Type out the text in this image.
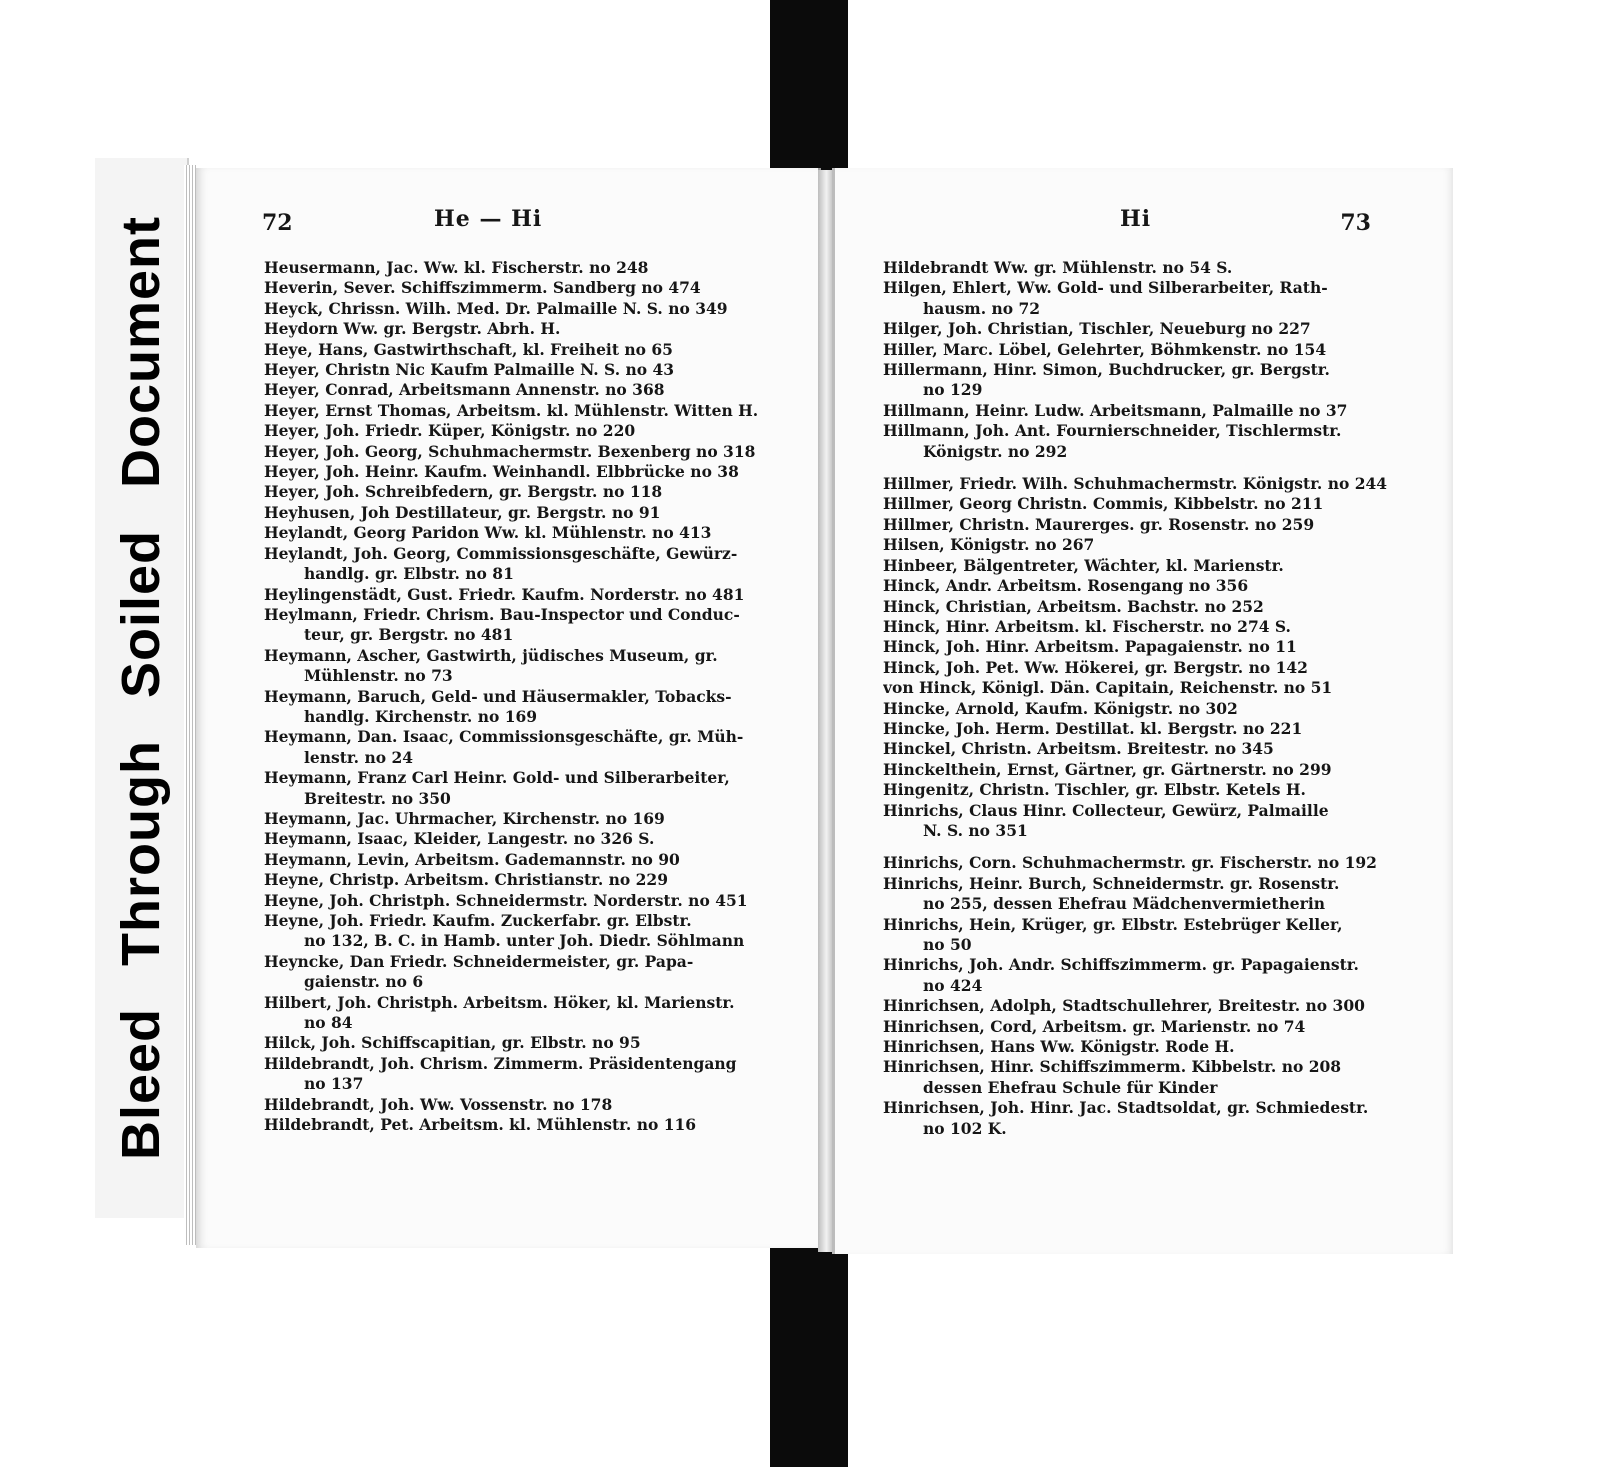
Bleed Through Soiled Document	72	He — Hi
Heusermann, Jac. Ww. kl. Fischerstr. no 248
Heverin, Sever. Schiffszimmerm. Sandberg no 474
Heyck, Chrissn. Wilh. Med. Dr. Palmaille N. S. no 349
Heydorn Ww. gr. Bergstr. Abrh. H.
Heye, Hans, Gastwirthschaft, kl. Freiheit no 65
Heyer, Christn Nic Kaufm Palmaille N. S. no 43
Heyer, Conrad, Arbeitsmann Annenstr. no 368
Heyer, Ernst Thomas, Arbeitsm. kl. Mühlenstr. Witten H.
Heyer, Joh. Friedr. Küper, Königstr. no 220
Heyer, Joh. Georg, Schuhmachermstr. Bexenberg no 318
Heyer, Joh. Heinr. Kaufm. Weinhandl. Elbbrücke no 38
Heyer, Joh. Schreibfedern, gr. Bergstr. no 118
Heyhusen, Joh Destillateur, gr. Bergstr. no 91
Heylandt, Georg Paridon Ww. kl. Mühlenstr. no 413
Heylandt, Joh. Georg, Commissionsgeschäfte, Gewürz-
handlg. gr. Elbstr. no 81
Heylingenstädt, Gust. Friedr. Kaufm. Norderstr. no 481
Heylmann, Friedr. Chrism. Bau-Inspector und Conduc-
teur, gr. Bergstr. no 481
Heymann, Ascher, Gastwirth, jüdisches Museum, gr.
Mühlenstr. no 73
Heymann, Baruch, Geld- und Häusermakler, Tobacks-
handlg. Kirchenstr. no 169
Heymann, Dan. Isaac, Commissionsgeschäfte, gr. Müh-
lenstr. no 24
Heymann, Franz Carl Heinr. Gold- und Silberarbeiter,
Breitestr. no 350
Heymann, Jac. Uhrmacher, Kirchenstr. no 169
Heymann, Isaac, Kleider, Langestr. no 326 S.
Heymann, Levin, Arbeitsm. Gademannstr. no 90
Heyne, Christp. Arbeitsm. Christianstr. no 229
Heyne, Joh. Christph. Schneidermstr. Norderstr. no 451
Heyne, Joh. Friedr. Kaufm. Zuckerfabr. gr. Elbstr.
no 132, B. C. in Hamb. unter Joh. Diedr. Söhlmann
Heyncke, Dan Friedr. Schneidermeister, gr. Papa-
gaienstr. no 6
Hilbert, Joh. Christph. Arbeitsm. Höker, kl. Marienstr.
no 84
Hilck, Joh. Schiffscapitian, gr. Elbstr. no 95
Hildebrandt, Joh. Chrism. Zimmerm. Präsidentengang
no 137
Hildebrandt, Joh. Ww. Vossenstr. no 178
Hildebrandt, Pet. Arbeitsm. kl. Mühlenstr. no 116
Hi	73
Hildebrandt Ww. gr. Mühlenstr. no 54 S.
Hilgen, Ehlert, Ww. Gold- und Silberarbeiter, Rath-
hausm. no 72
Hilger, Joh. Christian, Tischler, Neueburg no 227
Hiller, Marc. Löbel, Gelehrter, Böhmkenstr. no 154
Hillermann, Hinr. Simon, Buchdrucker, gr. Bergstr.
no 129
Hillmann, Heinr. Ludw. Arbeitsmann, Palmaille no 37
Hillmann, Joh. Ant. Fournierschneider, Tischlermstr.
Königstr. no 292
Hillmer, Friedr. Wilh. Schuhmachermstr. Königstr. no 244
Hillmer, Georg Christn. Commis, Kibbelstr. no 211
Hillmer, Christn. Maurerges. gr. Rosenstr. no 259
Hilsen, Königstr. no 267
Hinbeer, Bälgentreter, Wächter, kl. Marienstr.
Hinck, Andr. Arbeitsm. Rosengang no 356
Hinck, Christian, Arbeitsm. Bachstr. no 252
Hinck, Hinr. Arbeitsm. kl. Fischerstr. no 274 S.
Hinck, Joh. Hinr. Arbeitsm. Papagaienstr. no 11
Hinck, Joh. Pet. Ww. Hökerei, gr. Bergstr. no 142
von Hinck, Königl. Dän. Capitain, Reichenstr. no 51
Hincke, Arnold, Kaufm. Königstr. no 302
Hincke, Joh. Herm. Destillat. kl. Bergstr. no 221
Hinckel, Christn. Arbeitsm. Breitestr. no 345
Hinckelthein, Ernst, Gärtner, gr. Gärtnerstr. no 299
Hingenitz, Christn. Tischler, gr. Elbstr. Ketels H.
Hinrichs, Claus Hinr. Collecteur, Gewürz, Palmaille
N. S. no 351
Hinrichs, Corn. Schuhmachermstr. gr. Fischerstr. no 192
Hinrichs, Heinr. Burch, Schneidermstr. gr. Rosenstr.
no 255, dessen Ehefrau Mädchenvermietherin
Hinrichs, Hein, Krüger, gr. Elbstr. Estebrüger Keller,
no 50
Hinrichs, Joh. Andr. Schiffszimmerm. gr. Papagaienstr.
no 424
Hinrichsen, Adolph, Stadtschullehrer, Breitestr. no 300
Hinrichsen, Cord, Arbeitsm. gr. Marienstr. no 74
Hinrichsen, Hans Ww. Königstr. Rode H.
Hinrichsen, Hinr. Schiffszimmerm. Kibbelstr. no 208
dessen Ehefrau Schule für Kinder
Hinrichsen, Joh. Hinr. Jac. Stadtsoldat, gr. Schmiedestr.
no 102 K.
